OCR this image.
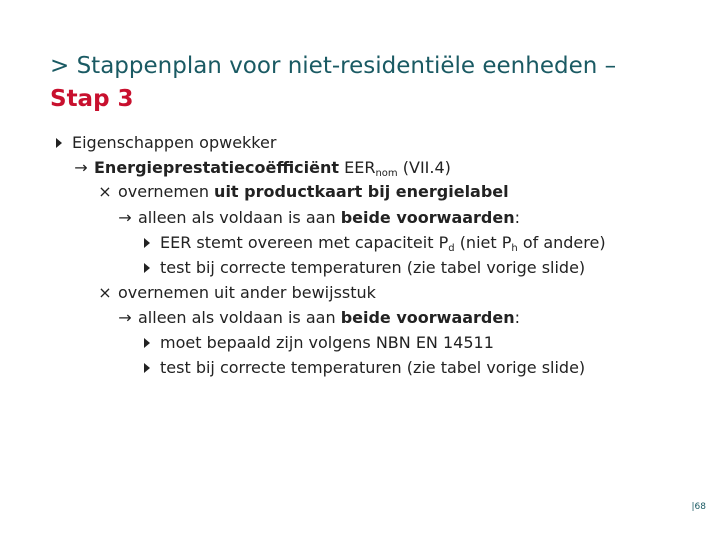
> Stappenplan voor niet-residentiële eenheden –
Stap 3
Eigenschappen opwekker
→ Energieprestatiecoëfficiënt $EER_{nom}$ (VII.4)
× overnemen uit productkaart bij energielabel
→ alleen als voldaan is aan beide voorwaarden:
EER stemt overeen met capaciteit $P_d$ (niet $P_h$ of andere)
test bij correcte temperaturen (zie tabel vorige slide)
× overnemen uit ander bewijsstuk
→ alleen als voldaan is aan beide voorwaarden:
moet bepaald zijn volgens NBN EN 14511
test bij correcte temperaturen (zie tabel vorige slide)
|68
